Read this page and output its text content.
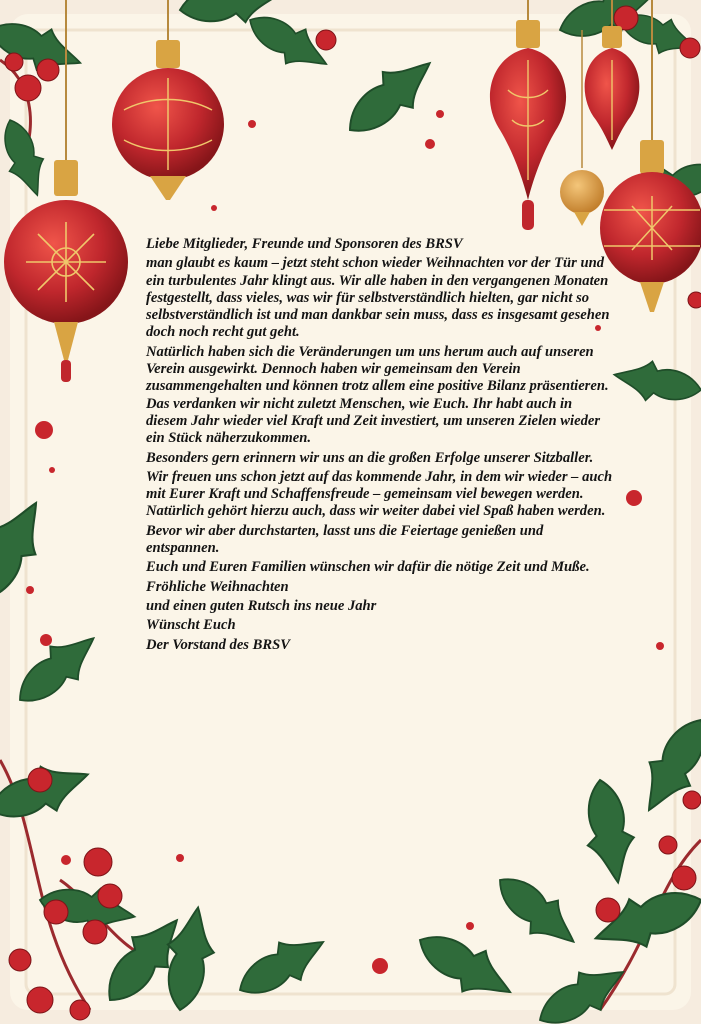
Liebe Mitglieder, Freunde und Sponsoren des BRSV

man glaubt es kaum – jetzt steht schon wieder Weihnachten vor der Tür und ein turbulentes Jahr klingt aus. Wir alle haben in den vergangenen Monaten festgestellt, dass vieles, was wir für selbstverständlich hielten, gar nicht so selbstverständlich ist und man dankbar sein muss, dass es insgesamt gesehen doch noch recht gut geht.

Natürlich haben sich die Veränderungen um uns herum auch auf unseren Verein ausgewirkt. Dennoch haben wir gemeinsam den Verein zusammengehalten und können trotz allem eine positive Bilanz präsentieren. Das verdanken wir nicht zuletzt Menschen, wie Euch. Ihr habt auch in diesem Jahr wieder viel Kraft und Zeit investiert, um unseren Zielen wieder ein Stück näherzukommen.

Besonders gern erinnern wir uns an die großen Erfolge unserer Sitzballer.

Wir freuen uns schon jetzt auf das kommende Jahr, in dem wir wieder – auch mit Eurer Kraft und Schaffensfreude – gemeinsam viel bewegen werden. Natürlich gehört hierzu auch, dass wir weiter dabei viel Spaß haben werden.

Bevor wir aber durchstarten, lasst uns die Feiertage genießen und entspannen.

Euch und Euren Familien wünschen wir dafür die nötige Zeit und Muße.

Fröhliche Weihnachten

und einen guten Rutsch ins neue Jahr

Wünscht Euch

Der Vorstand des BRSV
